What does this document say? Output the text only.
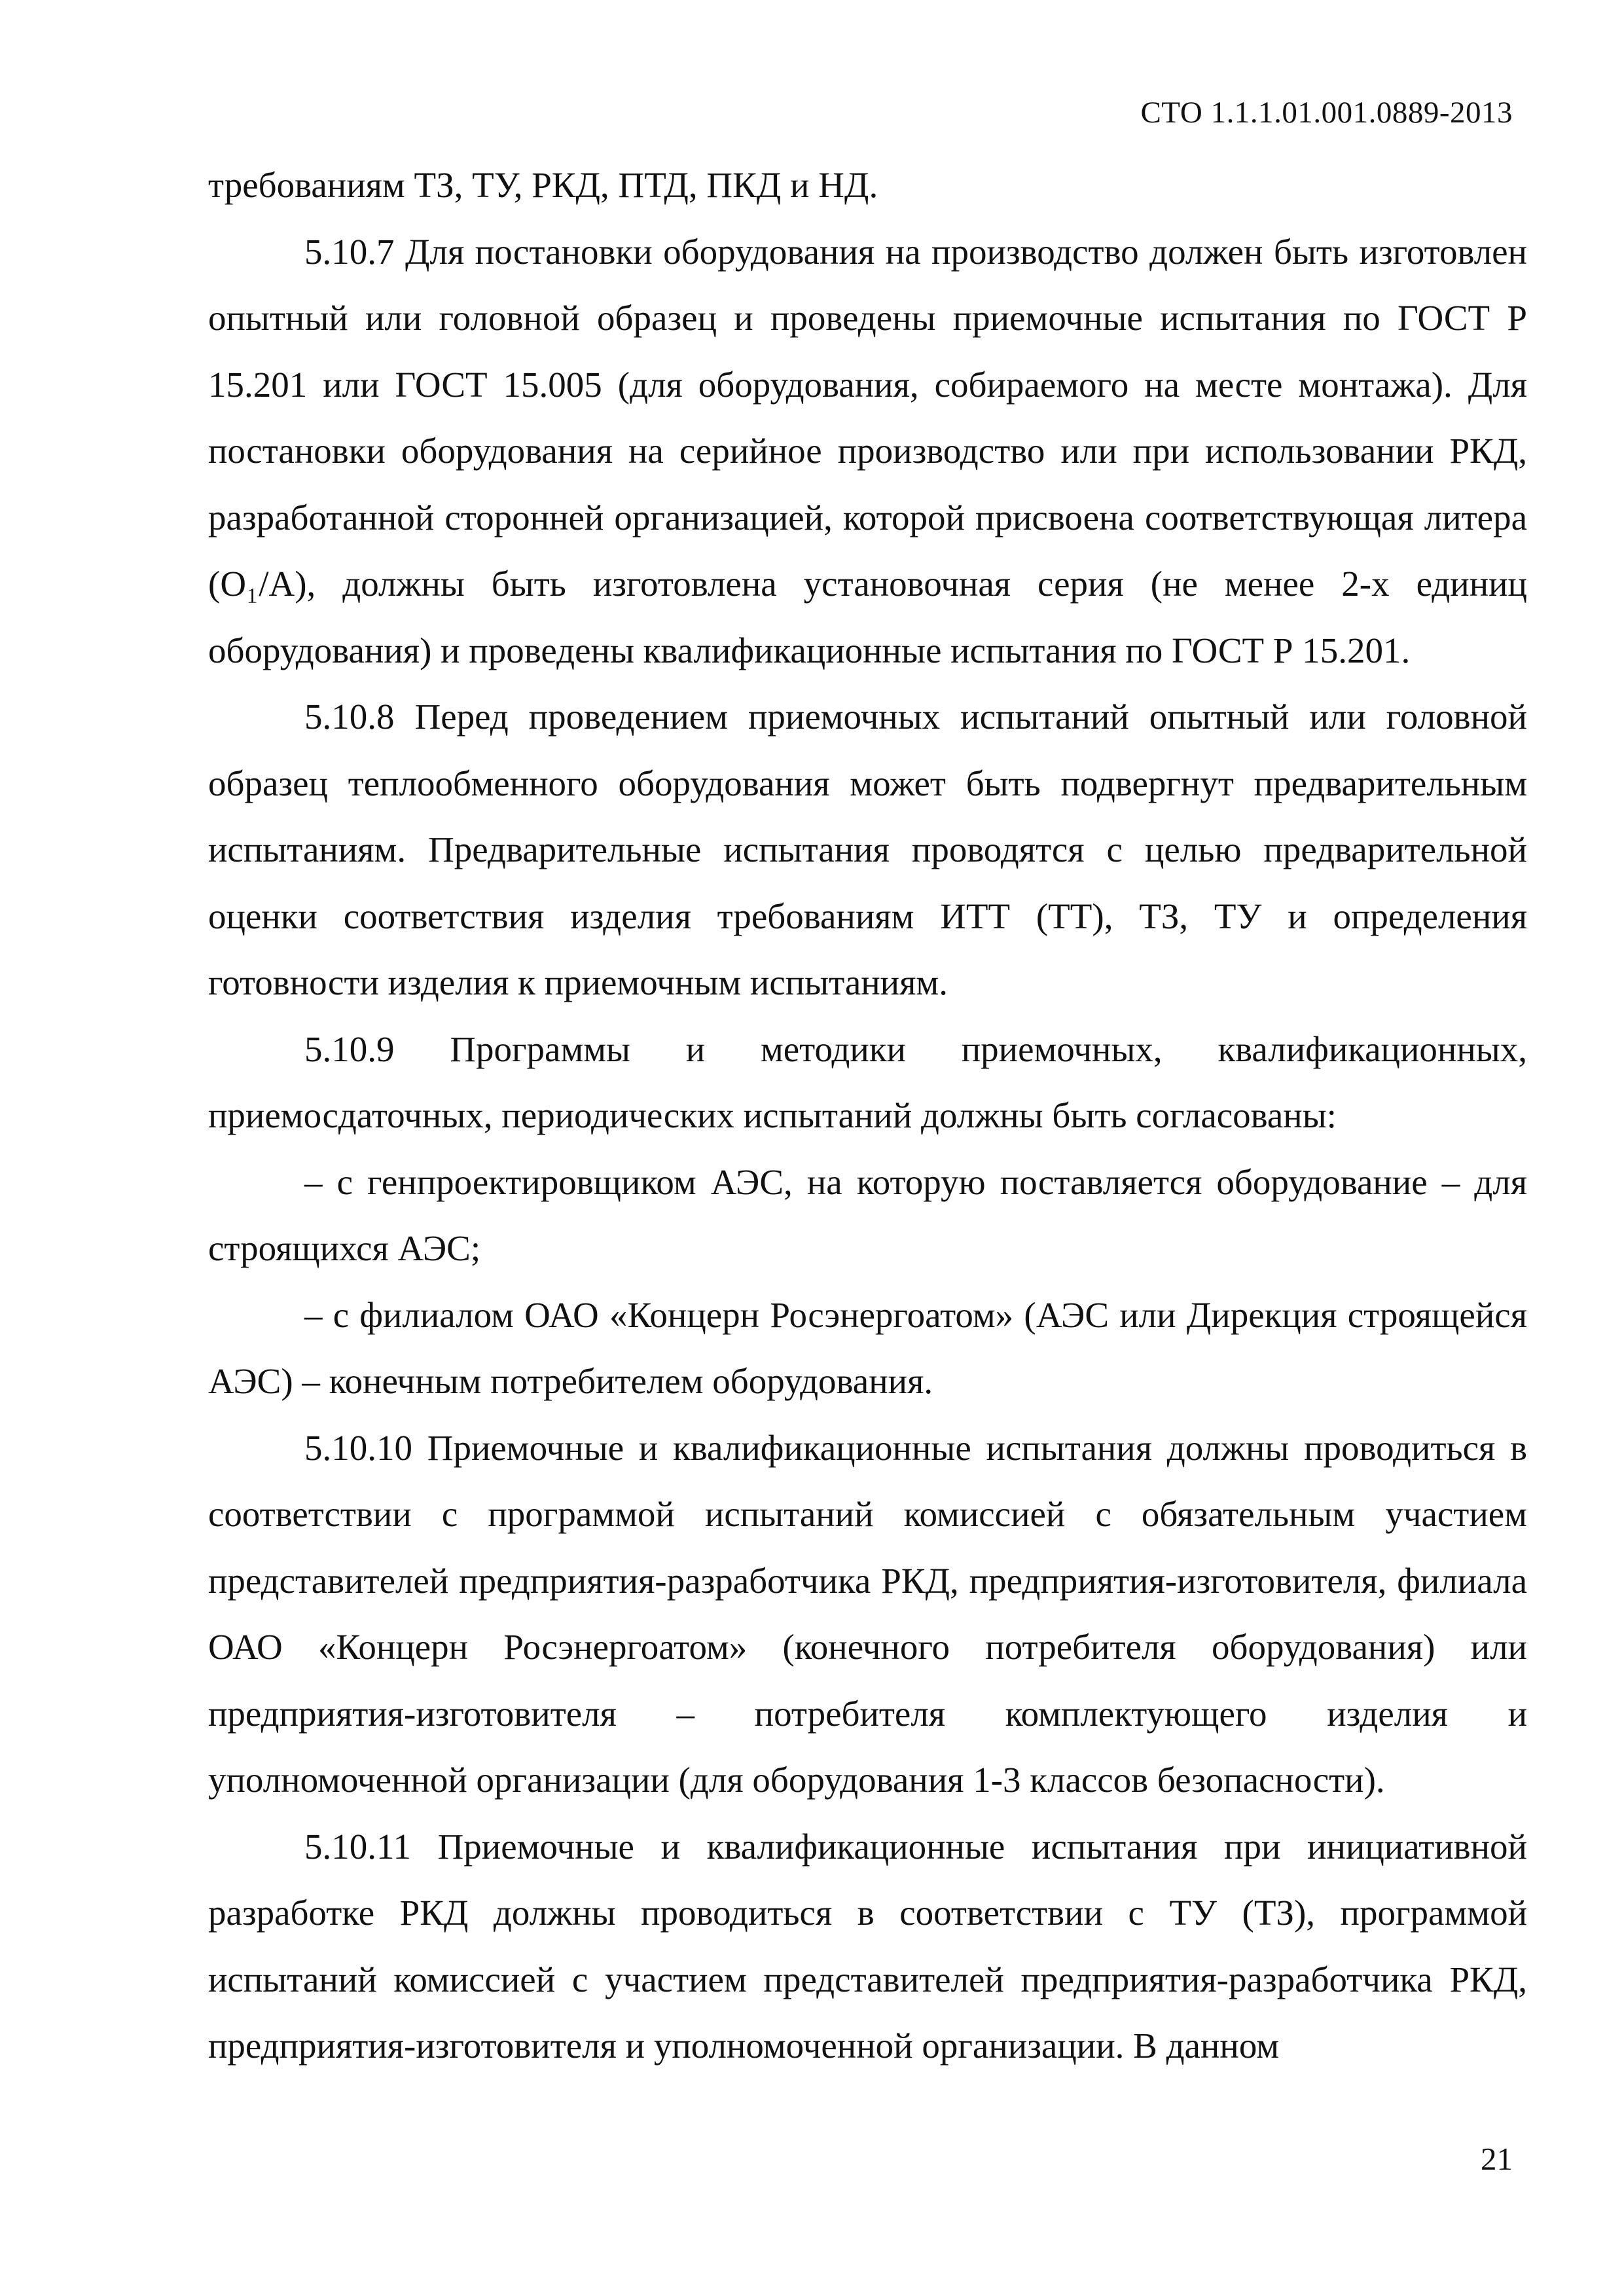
СТО 1.1.1.01.001.0889-2013

требованиям ТЗ, ТУ, РКД, ПТД, ПКД и НД.

5.10.7 Для постановки оборудования на производство должен быть изготовлен опытный или головной образец и проведены приемочные испытания по ГОСТ Р 15.201 или ГОСТ 15.005 (для оборудования, собираемого на месте монтажа). Для постановки оборудования на серийное производство или при использовании РКД, разработанной сторонней организацией, которой присвоена соответствующая литера (О₁/А), должны быть изготовлена установочная серия (не менее 2-х единиц оборудования) и проведены квалификационные испытания по ГОСТ Р 15.201.

5.10.8 Перед проведением приемочных испытаний опытный или головной образец теплообменного оборудования может быть подвергнут предварительным испытаниям. Предварительные испытания проводятся с целью предварительной оценки соответствия изделия требованиям ИТТ (ТТ), ТЗ, ТУ и определения готовности изделия к приемочным испытаниям.

5.10.9 Программы и методики приемочных, квалификационных, приемосдаточных, периодических испытаний должны быть согласованы:

– с генпроектировщиком АЭС, на которую поставляется оборудование – для строящихся АЭС;

– с филиалом ОАО «Концерн Росэнергоатом» (АЭС или Дирекция строящейся АЭС) – конечным потребителем оборудования.

5.10.10 Приемочные и квалификационные испытания должны проводиться в соответствии с программой испытаний комиссией с обязательным участием представителей предприятия-разработчика РКД, предприятия-изготовителя, филиала ОАО «Концерн Росэнергоатом» (конечного потребителя оборудования) или предприятия-изготовителя – потребителя комплектующего изделия и уполномоченной организации (для оборудования 1-3 классов безопасности).

5.10.11 Приемочные и квалификационные испытания при инициативной разработке РКД должны проводиться в соответствии с ТУ (ТЗ), программой испытаний комиссией с участием представителей предприятия-разработчика РКД, предприятия-изготовителя и уполномоченной организации. В данном

21
